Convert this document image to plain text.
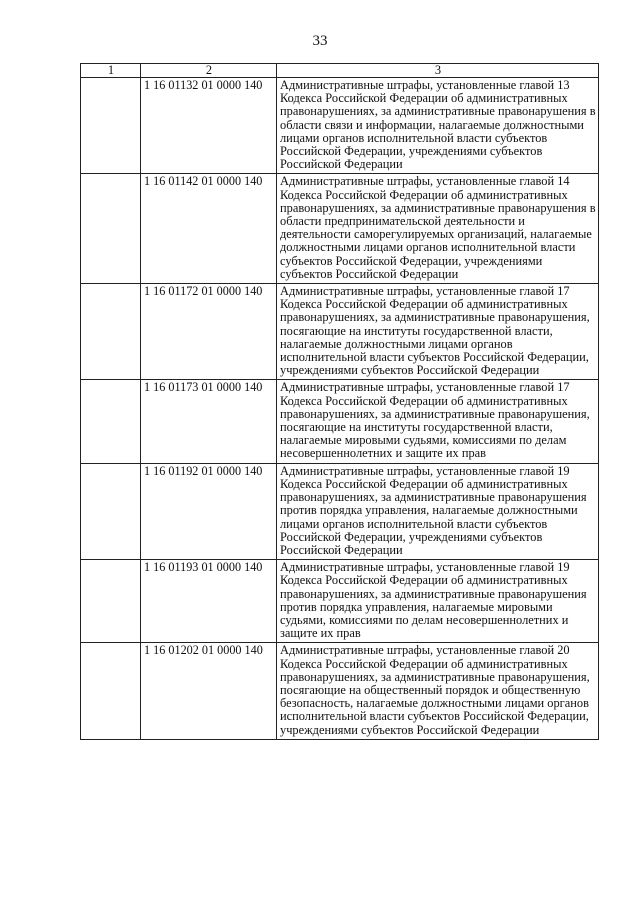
33
1	2	3
	1 16 01132 01 0000 140	Административные штрафы, установленные главой 13 Кодекса Российской Федерации об административных правонарушениях, за административные правонарушения в области связи и информации, налагаемые должностными лицами органов исполнительной власти субъектов Российской Федерации, учреждениями субъектов Российской Федерации
	1 16 01142 01 0000 140	Административные штрафы, установленные главой 14 Кодекса Российской Федерации об административных правонарушениях, за административные правонарушения в области предпринимательской деятельности и деятельности саморегулируемых организаций, налагаемые должностными лицами органов исполнительной власти субъектов Российской Федерации, учреждениями субъектов Российской Федерации
	1 16 01172 01 0000 140	Административные штрафы, установленные главой 17 Кодекса Российской Федерации об административных правонарушениях, за административные правонарушения, посягающие на институты государственной власти, налагаемые должностными лицами органов исполнительной власти субъектов Российской Федерации, учреждениями субъектов Российской Федерации
	1 16 01173 01 0000 140	Административные штрафы, установленные главой 17 Кодекса Российской Федерации об административных правонарушениях, за административные правонарушения, посягающие на институты государственной власти, налагаемые мировыми судьями, комиссиями по делам несовершеннолетних и защите их прав
	1 16 01192 01 0000 140	Административные штрафы, установленные главой 19 Кодекса Российской Федерации об административных правонарушениях, за административные правонарушения против порядка управления, налагаемые должностными лицами органов исполнительной власти субъектов Российской Федерации, учреждениями субъектов Российской Федерации
	1 16 01193 01 0000 140	Административные штрафы, установленные главой 19 Кодекса Российской Федерации об административных правонарушениях, за административные правонарушения против порядка управления, налагаемые мировыми судьями, комиссиями по делам несовершеннолетних и защите их прав
	1 16 01202 01 0000 140	Административные штрафы, установленные главой 20 Кодекса Российской Федерации об административных правонарушениях, за административные правонарушения, посягающие на общественный порядок и общественную безопасность, налагаемые должностными лицами органов исполнительной власти субъектов Российской Федерации, учреждениями субъектов Российской Федерации
